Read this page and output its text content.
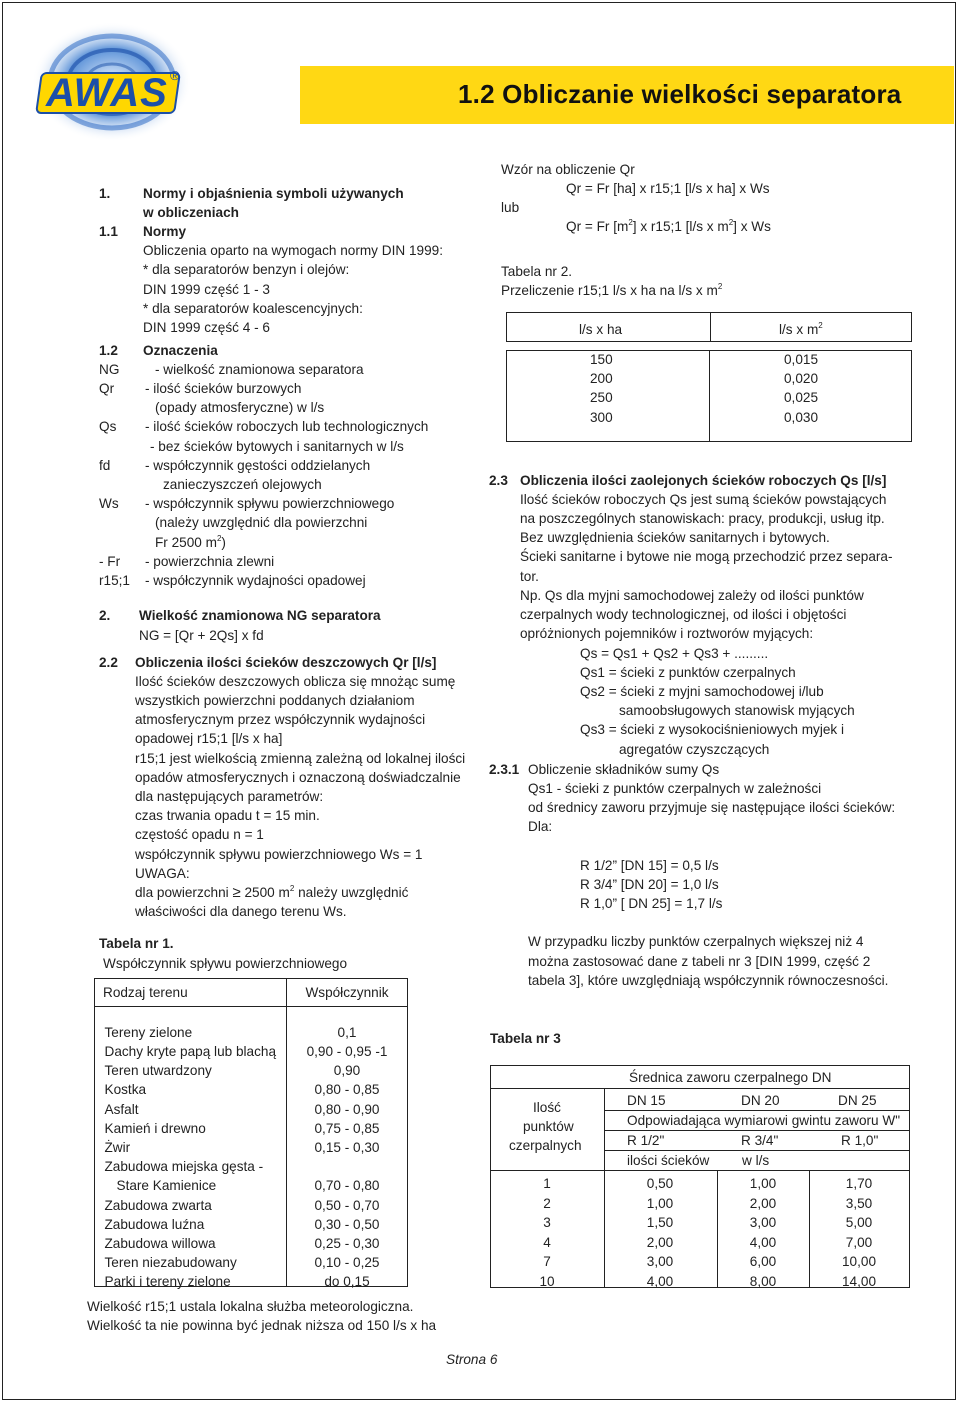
AWAS ®
1.2 Obliczanie wielkości separatora
1. Normy i objaśnienia symboli używanych
w obliczeniach
1.1 Normy
Obliczenia oparto na wymogach normy DIN 1999:
* dla separatorów benzyn i olejów:
DIN 1999 część 1 - 3
* dla separatorów koalescencyjnych:
DIN 1999 część 4 - 6
1.2 Oznaczenia
NG	- wielkość znamionowa separatora
Qr - ilość ścieków burzowych
(opady atmosferyczne) w l/s
Qs - ilość ścieków roboczych lub technologicznych
- bez ścieków bytowych i sanitarnych w l/s
fd	- współczynnik gęstości oddzielanych
zanieczyszczeń olejowych
Ws - współczynnik spływu powierzchniowego
(należy uwzględnić dla powierzchni
Fr 2500 $m^2$)
- Fr - powierzchnia zlewni
r15;1 - współczynnik wydajności opadowej
2. Wielkość znamionowa NG separatora
NG = [Qr + 2Qs] x fd
2.2 Obliczenia ilości ścieków deszczowych Qr [l/s]
Ilość ścieków deszczowych oblicza się mnożąc sumę
wszystkich powierzchni poddanych działaniom
atmosferycznym przez współczynnik wydajności
opadowej r15;1 [l/s x ha]
r15;1 jest wielkością zmienną zależną od lokalnej ilości
opadów atmosferycznych i oznaczoną doświadczalnie
dla następujących parametrów:
czas trwania opadu t = 15 min.
częstość opadu n = 1
współczynnik spływu powierzchniowego Ws = 1
UWAGA:
dla powierzchni ≥ 2500 $m^2$ należy uwzględnić
właściwości dla danego terenu Ws.
Tabela nr 1.
Współczynnik spływu powierzchniowego
Rodzaj terenu	Współczynnik

Tereny zielone	0,1
Dachy kryte papą lub blachą	0,90 - 0,95 -1
Teren utwardzony	0,90
Kostka	0,80 - 0,85
Asfalt	0,80 - 0,90
Kamień i drewno	0,75 - 0,85
Żwir	0,15 - 0,30
Zabudowa miejska gęsta -	
Stare Kamienice	0,70 - 0,80
Zabudowa zwarta	0,50 - 0,70
Zabudowa luźna	0,30 - 0,50
Zabudowa willowa	0,25 - 0,30
Teren niezabudowany	0,10 - 0,25
Parki i tereny zielone	do 0,15
Wielkość r15;1 ustala lokalna służba meteorologiczna.
Wielkość ta nie powinna być jednak niższa od 150 l/s x ha
Wzór na obliczenie Qr
Qr = Fr [ha] x r15;1 [l/s x ha] x Ws
lub
Qr = Fr $[m^2]$ x r15;1 [l/s x $m^2$] x Ws
Tabela nr 2.
Przeliczenie r15;1 l/s x ha na l/s x $m^2$
l/s x ha	l/s x $m^2$
150	0,015
200	0,020
250	0,025
300	0,030
2.3 Obliczenia ilości zaolejonych ścieków roboczych Qs [l/s]
Ilość ścieków roboczych Qs jest sumą ścieków powstających
na poszczególnych stanowiskach: pracy, produkcji, usług itp.
Bez uwzględnienia ścieków sanitarnych i bytowych.
Ścieki sanitarne i bytowe nie mogą przechodzić przez separa-
tor.
Np. Qs dla myjni samochodowej zależy od ilości punktów
czerpalnych wody technologicznej, od ilości i objętości
opróżnionych pojemników i roztworów myjących:
Qs = Qs1 + Qs2 + Qs3 + .........
Qs1 = ścieki z punktów czerpalnych
Qs2 = ścieki z myjni samochodowej i/lub
samoobsługowych stanowisk myjących
Qs3 = ścieki z wysokociśnieniowych myjek i
agregatów czyszczących
2.3.1 Obliczenie składników sumy Qs
Qs1 - ścieki z punktów czerpalnych w zależności
od średnicy zaworu przyjmuje się następujące ilości ścieków:
Dla:
R 1/2” [DN 15] = 0,5 l/s
R 3/4” [DN 20] = 1,0 l/s
R 1,0” [ DN 25] = 1,7 l/s
W przypadku liczby punktów czerpalnych większej niż 4
można zastosować dane z tabeli nr 3 [DIN 1999, część 2
tabela 3], które uwzględniają współczynnik równoczesności.
Tabela nr 3
Średnica zaworu czerpalnego DN
Ilość
punktów
czerpalnych
DN 15	DN 20	DN 25
Odpowiadająca wymiarowi gwintu zaworu W"
R 1/2"	R 3/4"	R 1,0"
ilości ścieków w l/s
1	0,50	1,00	1,70
2	1,00	2,00	3,50
3	1,50	3,00	5,00
4	2,00	4,00	7,00
7	3,00	6,00	10,00
10	4,00	8,00	14,00
Strona 6
